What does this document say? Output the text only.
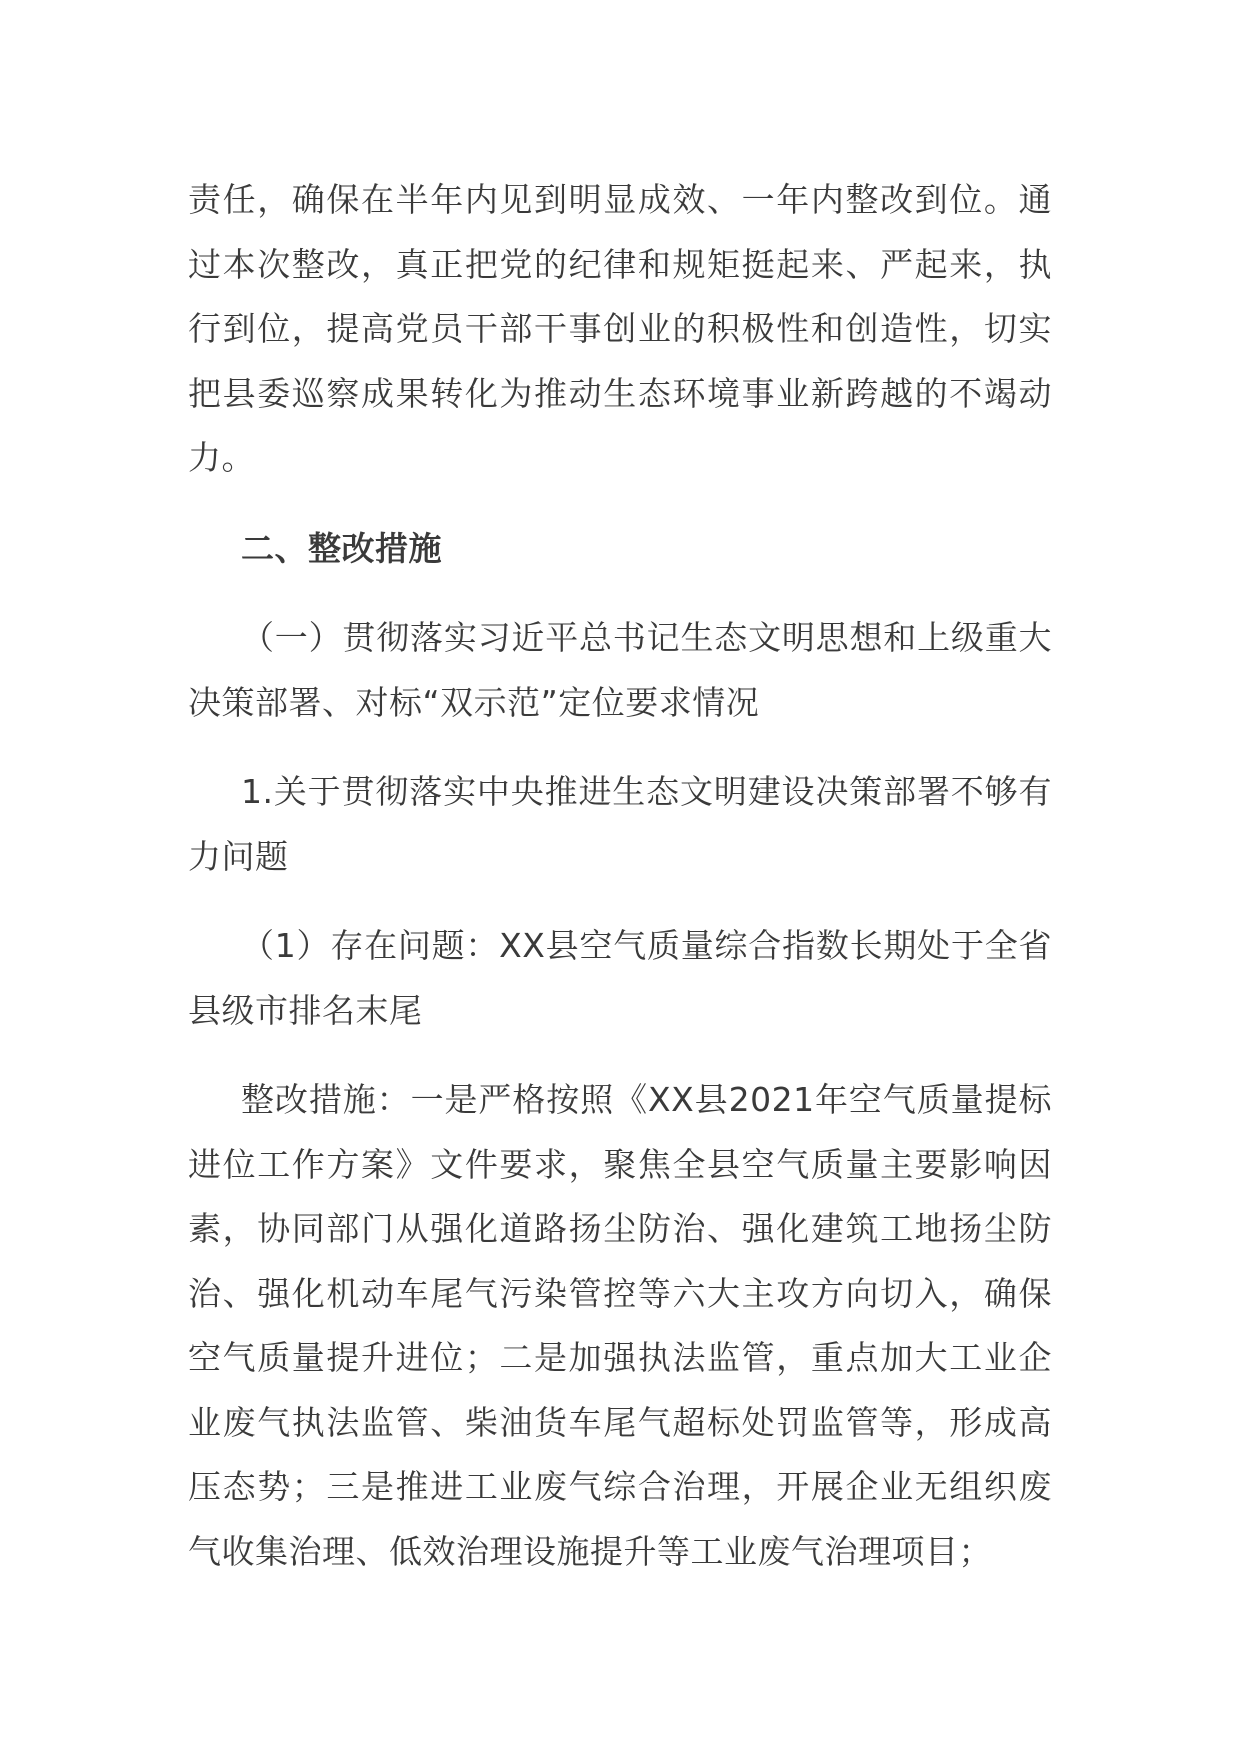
责任，确保在半年内见到明显成效、一年内整改到位。通过本次整改，真正把党的纪律和规矩挺起来、严起来，执行到位，提高党员干部干事创业的积极性和创造性，切实把县委巡察成果转化为推动生态环境事业新跨越的不竭动力。

二、整改措施

（一）贯彻落实习近平总书记生态文明思想和上级重大决策部署、对标“双示范”定位要求情况

1.关于贯彻落实中央推进生态文明建设决策部署不够有力问题

（1）存在问题：XX县空气质量综合指数长期处于全省县级市排名末尾

整改措施：一是严格按照《XX县2021年空气质量提标进位工作方案》文件要求，聚焦全县空气质量主要影响因素，协同部门从强化道路扬尘防治、强化建筑工地扬尘防治、强化机动车尾气污染管控等六大主攻方向切入，确保空气质量提升进位；二是加强执法监管，重点加大工业企业废气执法监管、柴油货车尾气超标处罚监管等，形成高压态势；三是推进工业废气综合治理，开展企业无组织废气收集治理、低效治理设施提升等工业废气治理项目；
